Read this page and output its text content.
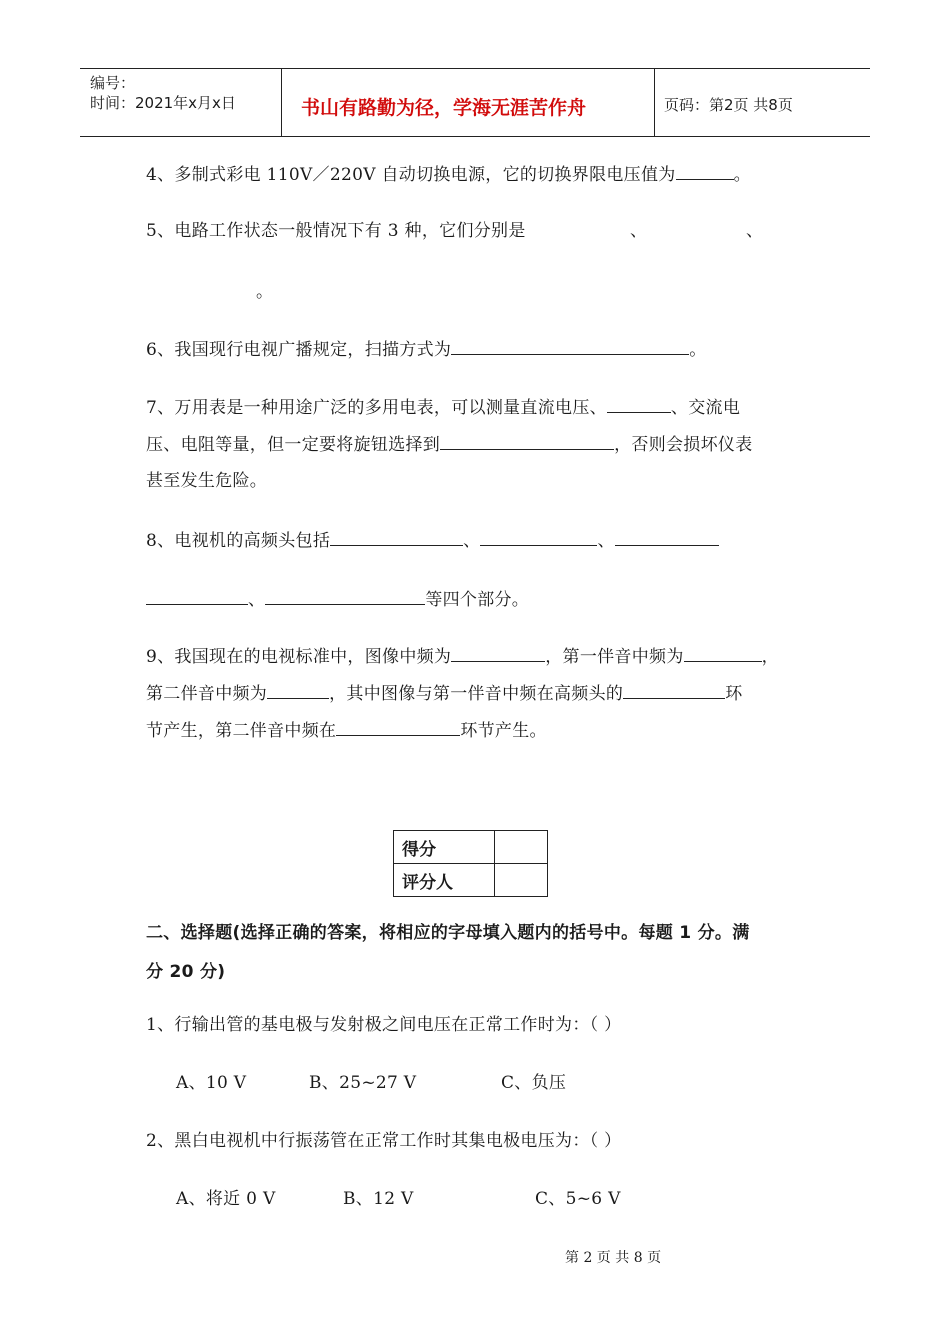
编号：
时间：2021年x月x日	书山有路勤为径，学海无涯苦作舟	页码：第2页 共8页
4、多制式彩电 110V／220V 自动切换电源，它的切换界限电压值为	。
5、电路工作状态一般情况下有 3 种，它们分别是	、	、
。
6、我国现行电视广播规定，扫描方式为	。
7、万用表是一种用途广泛的多用电表，可以测量直流电压、	、交流电
压、电阻等量，但一定要将旋钮选择到	，否则会损坏仪表
甚至发生危险。
8、电视机的高频头包括	、	、
、	等四个部分。
9、我国现在的电视标准中，图像中频为	，第一伴音中频为	，
第二伴音中频为	，其中图像与第一伴音中频在高频头的	环
节产生，第二伴音中频在	环节产生。
得分	
评分人	
二、选择题(选择正确的答案，将相应的字母填入题内的括号中。每题 1 分。满
分 20 分)
1、行输出管的基电极与发射极之间电压在正常工作时为：（ ）
A、10 V	B、25~27 V	C、负压
2、黑白电视机中行振荡管在正常工作时其集电极电压为：（ ）
A、将近 0 V	B、12 V	C、5~6 V
第 2 页 共 8 页
